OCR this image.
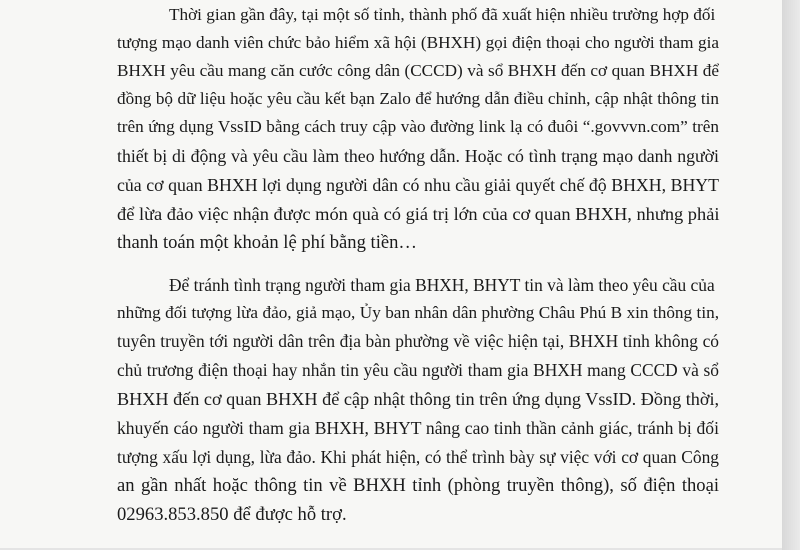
Thời gian gần đây, tại một số tỉnh, thành phố đã xuất hiện nhiều trường hợp đối
tượng mạo danh viên chức bảo hiểm xã hội (BHXH) gọi điện thoại cho người tham gia
BHXH yêu cầu mang căn cước công dân (CCCD) và sổ BHXH đến cơ quan BHXH để
đồng bộ dữ liệu hoặc yêu cầu kết bạn Zalo để hướng dẫn điều chỉnh, cập nhật thông tin
trên ứng dụng VssID bằng cách truy cập vào đường link lạ có đuôi “.govvvn.com” trên
thiết bị di động và yêu cầu làm theo hướng dẫn. Hoặc có tình trạng mạo danh người
của cơ quan BHXH lợi dụng người dân có nhu cầu giải quyết chế độ BHXH, BHYT
để lừa đảo việc nhận được món quà có giá trị lớn của cơ quan BHXH, nhưng phải
thanh toán một khoản lệ phí bằng tiền…
Để tránh tình trạng người tham gia BHXH, BHYT tin và làm theo yêu cầu của
những đối tượng lừa đảo, giả mạo, Ủy ban nhân dân phường Châu Phú B xin thông tin,
tuyên truyền tới người dân trên địa bàn phường về việc hiện tại, BHXH tỉnh không có
chủ trương điện thoại hay nhắn tin yêu cầu người tham gia BHXH mang CCCD và sổ
BHXH đến cơ quan BHXH để cập nhật thông tin trên ứng dụng VssID. Đồng thời,
khuyến cáo người tham gia BHXH, BHYT nâng cao tinh thần cảnh giác, tránh bị đối
tượng xấu lợi dụng, lừa đảo. Khi phát hiện, có thể trình bày sự việc với cơ quan Công
an gần nhất hoặc thông tin về BHXH tỉnh (phòng truyền thông), số điện thoại
02963.853.850 để được hỗ trợ.
